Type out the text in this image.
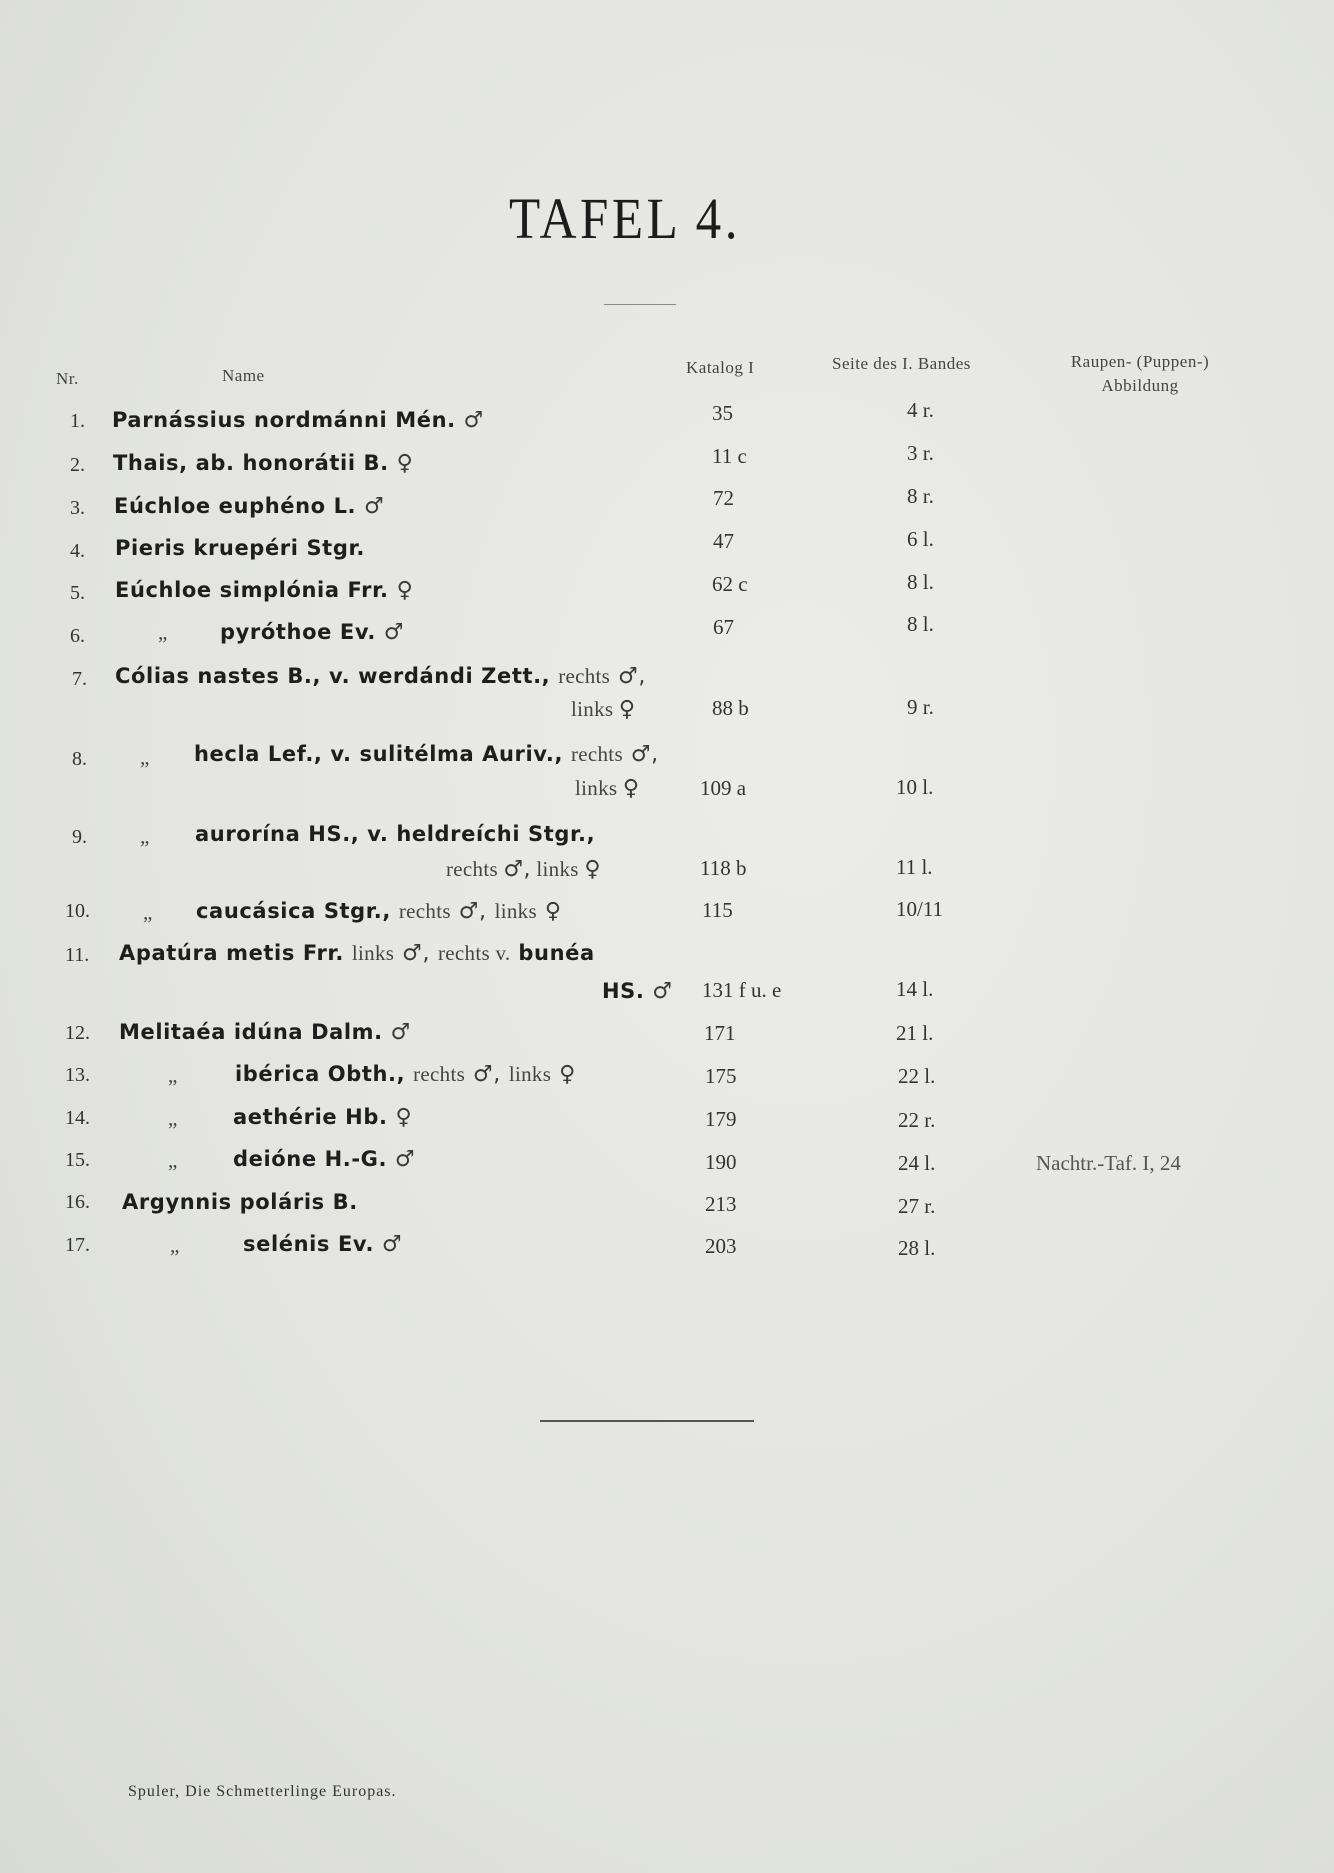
TAFEL 4.
Nr.	Name	Katalog I	Seite des I. Bandes	Raupen- (Puppen-)
Abbildung
1. Parnássius nordmánni Mén. ♂	35	4 r.
2. Thais, ab. honorátii B. ♀	11 c	3 r.
3. Eúchloe euphéno L. ♂	72	8 r.
4. Pieris kruepéri Stgr.	47	6 l.
5. Eúchloe simplónia Frr. ♀	62 c	8 l.
6.	„ pyróthoe Ev. ♂	67	8 l.
7. Cólias nastes B., v. werdándi Zett., rechts ♂,
links ♀	88 b	9 r.
8.	„ hecla Lef., v. sulitélma Auriv., rechts ♂,
links ♀	109 a	10 l.
9.	„ aurorína HS., v. heldreíchi Stgr.,
rechts ♂, links ♀	118 b	11 l.
10.	„ caucásica Stgr., rechts ♂, links ♀	115	10/11
11. Apatúra metis Frr. links ♂, rechts v. bunéa
HS. ♂ 131 f u. e	14 l.
12. Melitaéa idúna Dalm. ♂	171	21 l.
13.	„	ibérica Obth., rechts ♂, links ♀	175	22 l.
14.	„	aethérie Hb. ♀	179	22 r.
15.	„	deióne H.-G. ♂	190	24 l.	Nachtr.-Taf. I, 24
16. Argynnis poláris B.	213	27 r.
17.	„	selénis Ev. ♂	203	28 l.
Spuler, Die Schmetterlinge Europas.
